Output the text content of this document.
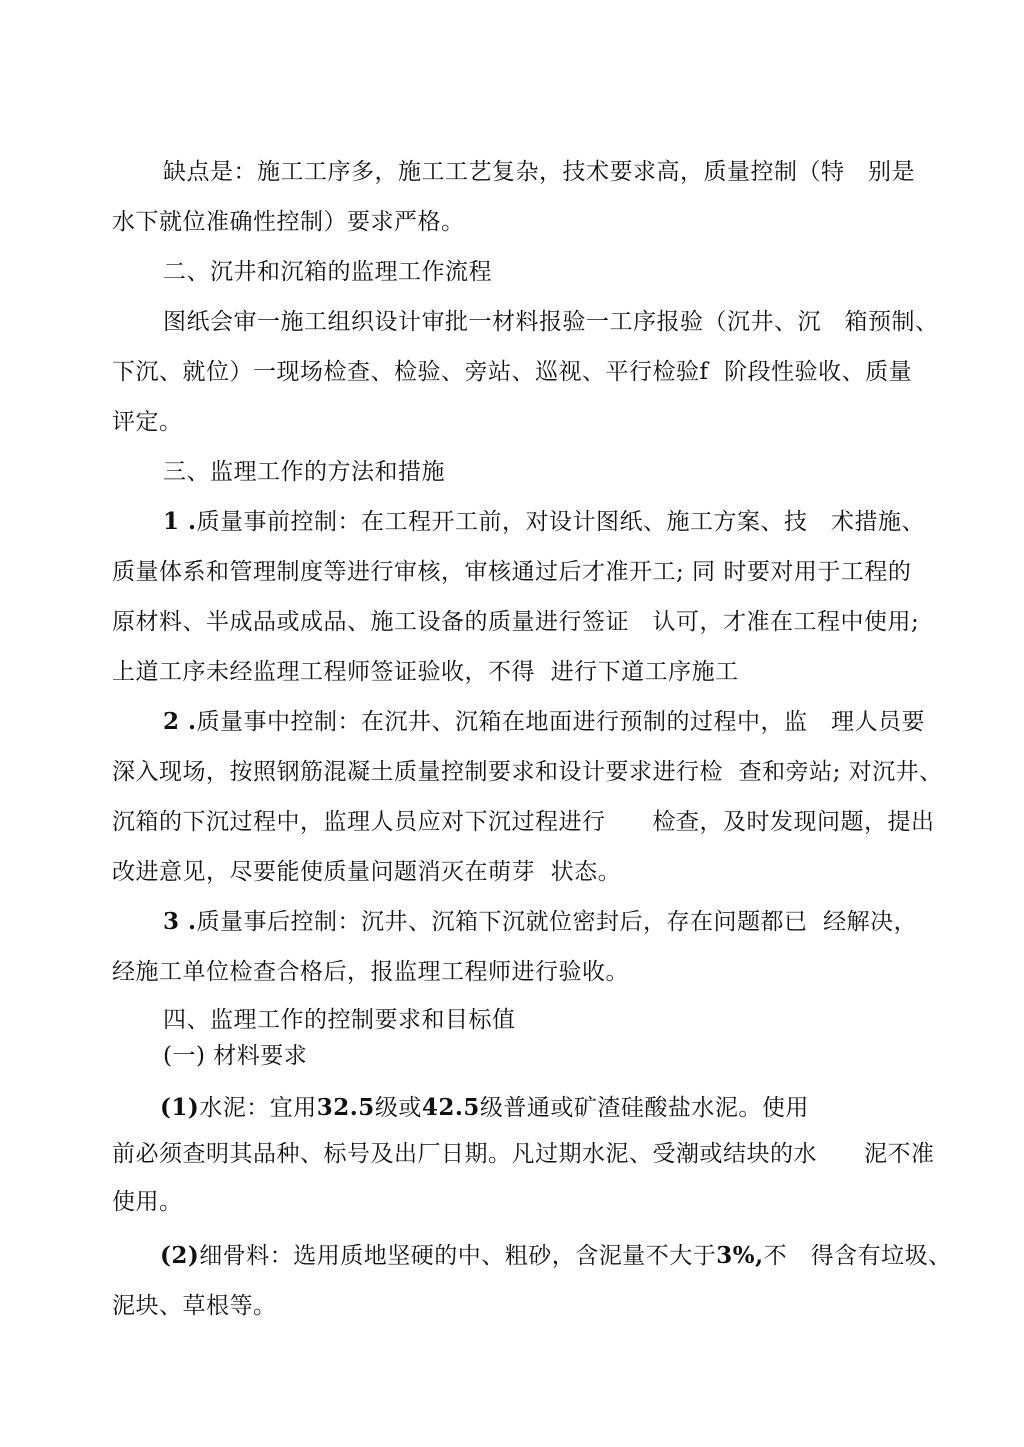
缺点是：施工工序多，施工工艺复杂，技术要求高，质量控制（特　别是
水下就位准确性控制）要求严格。
二、沉井和沉箱的监理工作流程
图纸会审一施工组织设计审批一材料报验一工序报验（沉井、沉　箱预制、
下沉、就位）一现场检查、检验、旁站、巡视、平行检验f  阶段性验收、质量
评定。
三、监理工作的方法和措施
1 .质量事前控制：在工程开工前，对设计图纸、施工方案、技　术措施、
质量体系和管理制度等进行审核，审核通过后才准开工; 同 时要对用于工程的
原材料、半成品或成品、施工设备的质量进行签证　认可，才准在工程中使用;
上道工序未经监理工程师签证验收，不得  进行下道工序施工
2 .质量事中控制：在沉井、沉箱在地面进行预制的过程中，监　理人员要
深入现场，按照钢筋混凝土质量控制要求和设计要求进行检  查和旁站; 对沉井、
沉箱的下沉过程中，监理人员应对下沉过程进行　　检查，及时发现问题，提出
改进意见，尽要能使质量问题消灭在萌芽  状态。
3 .质量事后控制：沉井、沉箱下沉就位密封后，存在问题都已  经解决，
经施工单位检查合格后，报监理工程师进行验收。
四、监理工作的控制要求和目标值
(一) 材料要求
(1)水泥：宜用32.5级或42.5级普通或矿渣硅酸盐水泥。使用
前必须查明其品种、标号及出厂日期。凡过期水泥、受潮或结块的水　　泥不准
使用。
(2)细骨料：选用质地坚硬的中、粗砂，含泥量不大于3%,不　得含有垃圾、
泥块、草根等。
